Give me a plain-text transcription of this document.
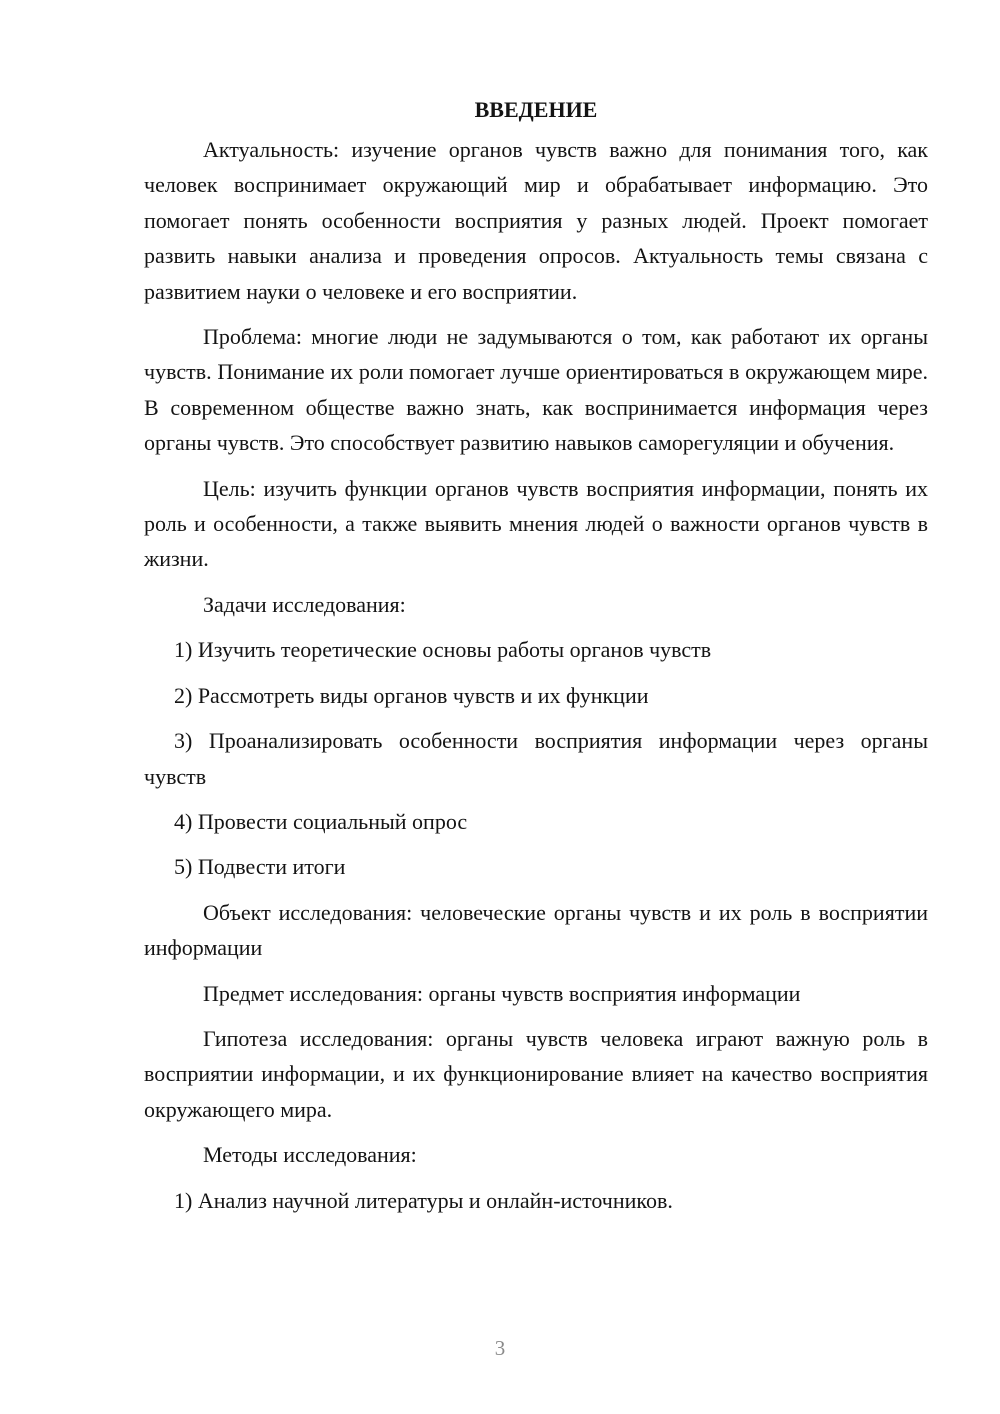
ВВЕДЕНИЕ

Актуальность: изучение органов чувств важно для понимания того, как человек воспринимает окружающий мир и обрабатывает информацию. Это помогает понять особенности восприятия у разных людей. Проект помогает развить навыки анализа и проведения опросов. Актуальность темы связана с развитием науки о человеке и его восприятии.

Проблема: многие люди не задумываются о том, как работают их органы чувств. Понимание их роли помогает лучше ориентироваться в окружающем мире. В современном обществе важно знать, как воспринимается информация через органы чувств. Это способствует развитию навыков саморегуляции и обучения.

Цель: изучить функции органов чувств восприятия информации, понять их роль и особенности, а также выявить мнения людей о важности органов чувств в жизни.

Задачи исследования:

1) Изучить теоретические основы работы органов чувств

2) Рассмотреть виды органов чувств и их функции

3) Проанализировать особенности восприятия информации через органы чувств

4) Провести социальный опрос

5) Подвести итоги

Объект исследования: человеческие органы чувств и их роль в восприятии информации

Предмет исследования: органы чувств восприятия информации

Гипотеза исследования: органы чувств человека играют важную роль в восприятии информации, и их функционирование влияет на качество восприятия окружающего мира.

Методы исследования:

1) Анализ научной литературы и онлайн-источников.

3
